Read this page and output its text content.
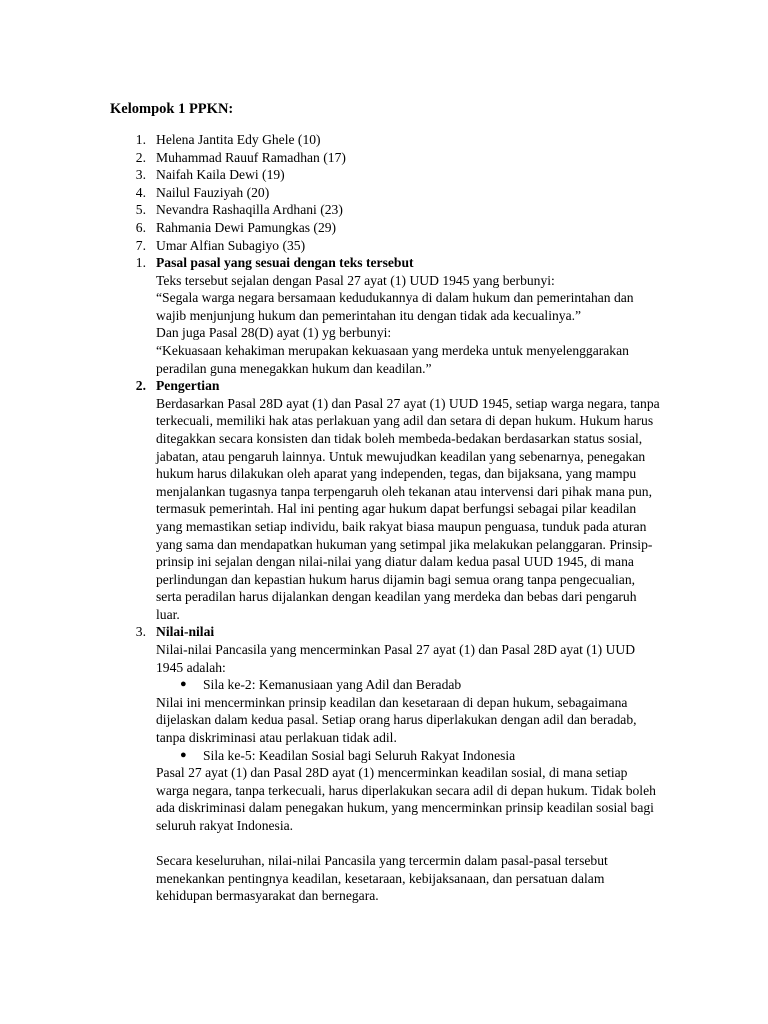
Kelompok 1 PPKN:
1. Helena Jantita Edy Ghele (10)
2. Muhammad Rauuf Ramadhan (17)
3. Naifah Kaila Dewi (19)
4. Nailul Fauziyah (20)
5. Nevandra Rashaqilla Ardhani (23)
6. Rahmania Dewi Pamungkas (29)
7. Umar Alfian Subagiyo (35)
1. Pasal pasal yang sesuai dengan teks tersebut

Teks tersebut sejalan dengan Pasal 27 ayat (1) UUD 1945 yang berbunyi:

“Segala warga negara bersamaan kedudukannya di dalam hukum dan pemerintahan dan wajib menjunjung hukum dan pemerintahan itu dengan tidak ada kecualinya.”

Dan juga Pasal 28(D) ayat (1) yg berbunyi:

“Kekuasaan kehakiman merupakan kekuasaan yang merdeka untuk menyelenggarakan peradilan guna menegakkan hukum dan keadilan.”

2. Pengertian

Berdasarkan Pasal 28D ayat (1) dan Pasal 27 ayat (1) UUD 1945, setiap warga negara, tanpa terkecuali, memiliki hak atas perlakuan yang adil dan setara di depan hukum. Hukum harus ditegakkan secara konsisten dan tidak boleh membeda-bedakan berdasarkan status sosial, jabatan, atau pengaruh lainnya. Untuk mewujudkan keadilan yang sebenarnya, penegakan hukum harus dilakukan oleh aparat yang independen, tegas, dan bijaksana, yang mampu menjalankan tugasnya tanpa terpengaruh oleh tekanan atau intervensi dari pihak mana pun, termasuk pemerintah. Hal ini penting agar hukum dapat berfungsi sebagai pilar keadilan yang memastikan setiap individu, baik rakyat biasa maupun penguasa, tunduk pada aturan yang sama dan mendapatkan hukuman yang setimpal jika melakukan pelanggaran. Prinsip-prinsip ini sejalan dengan nilai-nilai yang diatur dalam kedua pasal UUD 1945, di mana perlindungan dan kepastian hukum harus dijamin bagi semua orang tanpa pengecualian, serta peradilan harus dijalankan dengan keadilan yang merdeka dan bebas dari pengaruh luar.

3. Nilai-nilai

Nilai-nilai Pancasila yang mencerminkan Pasal 27 ayat (1) dan Pasal 28D ayat (1) UUD 1945 adalah:

● Sila ke-2: Kemanusiaan yang Adil dan Beradab

Nilai ini mencerminkan prinsip keadilan dan kesetaraan di depan hukum, sebagaimana dijelaskan dalam kedua pasal. Setiap orang harus diperlakukan dengan adil dan beradab, tanpa diskriminasi atau perlakuan tidak adil.

● Sila ke-5: Keadilan Sosial bagi Seluruh Rakyat Indonesia

Pasal 27 ayat (1) dan Pasal 28D ayat (1) mencerminkan keadilan sosial, di mana setiap warga negara, tanpa terkecuali, harus diperlakukan secara adil di depan hukum. Tidak boleh ada diskriminasi dalam penegakan hukum, yang mencerminkan prinsip keadilan sosial bagi seluruh rakyat Indonesia.

Secara keseluruhan, nilai-nilai Pancasila yang tercermin dalam pasal-pasal tersebut menekankan pentingnya keadilan, kesetaraan, kebijaksanaan, dan persatuan dalam kehidupan bermasyarakat dan bernegara.
